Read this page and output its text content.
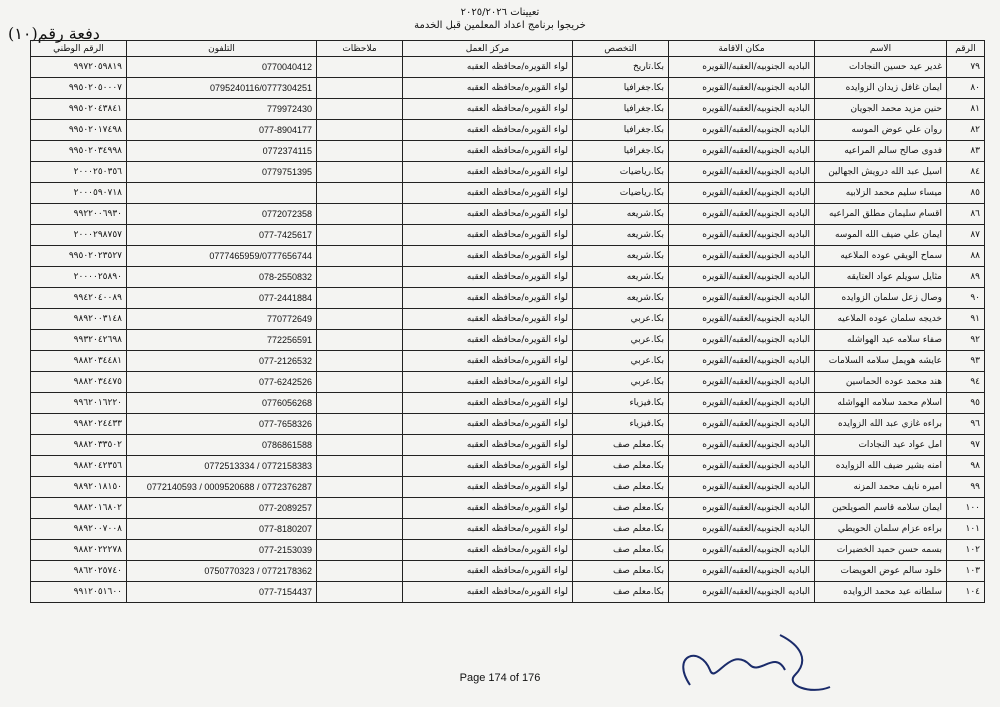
تعيينات ٢٠٢٥/٢٠٢٦
خريجوا برنامج اعداد المعلمين قبل الخدمة
دفعة رقم(١٠)
الرقم	الاسم	مكان الاقامة	التخصص	مركز العمل	ملاحظات	التلفون	الرقم الوطني
٧٩	غدير عيد حسين النجادات	الباديه الجنوبيه/العقبه/القويره	بكا.تاريخ	لواء القويره/محافظه العقبه		0770040412	٩٩٧٢٠٥٩٨١٩
٨٠	ايمان غافل زيدان الزوايده	الباديه الجنوبيه/العقبه/القويره	بكا.جغرافيا	لواء القويره/محافظه العقبه		0795240116/0777304251	٩٩٥٠٢٠٥٠٠٠٧
٨١	حنين مزيد محمد الجويان	الباديه الجنوبيه/العقبه/القويره	بكا.جغرافيا	لواء القويره/محافظه العقبه		779972430	٩٩٥٠٢٠٤٣٨٤١
٨٢	روان علي عوض الموسه	الباديه الجنوبيه/العقبه/القويره	بكا.جغرافيا	لواء القويره/محافظه العقبه		077-8904177	٩٩٥٠٢٠١٧٤٩٨
٨٣	فدوى صالح سالم المراعيه	الباديه الجنوبيه/العقبه/القويره	بكا.جغرافيا	لواء القويره/محافظه العقبه		0772374115	٩٩٥٠٢٠٣٤٩٩٨
٨٤	اسيل عبد الله درويش الجهالين	الباديه الجنوبيه/العقبه/القويره	بكا.رياضيات	لواء القويره/محافظه العقبه		0779751395	٢٠٠٠٢٥٠٣٥٦
٨٥	ميساء سليم محمد الزلابيه	الباديه الجنوبيه/العقبه/القويره	بكا.رياضيات	لواء القويره/محافظه العقبه			٢٠٠٠٥٩٠٧١٨
٨٦	اقسام سليمان مطلق المراعيه	الباديه الجنوبيه/العقبه/القويره	بكا.شريعه	لواء القويره/محافظه العقبه		0772072358	٩٩٢٢٠٠٦٩٣٠
٨٧	ايمان علي ضيف الله الموسه	الباديه الجنوبيه/العقبه/القويره	بكا.شريعه	لواء القويره/محافظه العقبه		077-7425617	٢٠٠٠٢٩٨٧٥٧
٨٨	سماح الويقي عوده الملاعيه	الباديه الجنوبيه/العقبه/القويره	بكا.شريعه	لواء القويره/محافظه العقبه		0777465959/0777656744	٩٩٥٠٢٠٢٣٥٢٧
٨٩	مثايل سويلم عواد العتايقه	الباديه الجنوبيه/العقبه/القويره	بكا.شريعه	لواء القويره/محافظه العقبه		078-2550832	٢٠٠٠٠٢٥٨٩٠
٩٠	وصال زعل سلمان الزوايده	الباديه الجنوبيه/العقبه/القويره	بكا.شريعه	لواء القويره/محافظه العقبه		077-2441884	٩٩٤٢٠٤٠٠٨٩
٩١	خديجه سلمان عوده الملاعيه	الباديه الجنوبيه/العقبه/القويره	بكا.عربي	لواء القويره/محافظه العقبه		770772649	٩٨٩٢٠٠٣١٤٨
٩٢	صفاء سلامه عيد الهواشله	الباديه الجنوبيه/العقبه/القويره	بكا.عربي	لواء القويره/محافظه العقبه		772256591	٩٩٣٢٠٤٢٦٩٨
٩٣	عايشه هويمل سلامه السلامات	الباديه الجنوبيه/العقبه/القويره	بكا.عربي	لواء القويره/محافظه العقبه		077-2126532	٩٨٨٢٠٣٤٤٨١
٩٤	هند محمد عوده الحماسين	الباديه الجنوبيه/العقبه/القويره	بكا.عربي	لواء القويره/محافظه العقبه		077-6242526	٩٨٨٢٠٣٤٤٧٥
٩٥	اسلام محمد سلامه الهواشله	الباديه الجنوبيه/العقبه/القويره	بكا.فيزياء	لواء القويره/محافظه العقبه		0776056268	٩٩٦٢٠١٦٢٢٠
٩٦	براءه غازي عبد الله الزوايده	الباديه الجنوبيه/العقبه/القويره	بكا.فيزياء	لواء القويره/محافظه العقبه		077-7658326	٩٩٨٢٠٢٤٤٣٣
٩٧	امل عواد عيد النجادات	الباديه الجنوبيه/العقبه/القويره	بكا.معلم صف	لواء القويره/محافظه العقبه		0786861588	٩٨٨٢٠٣٣٥٠٢
٩٨	امنه بشير ضيف الله الزوايده	الباديه الجنوبيه/العقبه/القويره	بكا.معلم صف	لواء القويره/محافظه العقبه		0772513334 / 0772158383	٩٨٨٢٠٤٢٣٥٦
٩٩	اميره نايف محمد المزنه	الباديه الجنوبيه/العقبه/القويره	بكا.معلم صف	لواء القويره/محافظه العقبه		0772140593 / 0009520688 / 0772376287	٩٨٩٢٠١٨١٥٠
١٠٠	ايمان سلامه قاسم الصويلحين	الباديه الجنوبيه/العقبه/القويره	بكا.معلم صف	لواء القويره/محافظه العقبه		077-2089257	٩٨٨٢٠١٦٨٠٢
١٠١	براءه عزام سلمان الحويطي	الباديه الجنوبيه/العقبه/القويره	بكا.معلم صف	لواء القويره/محافظه العقبه		077-8180207	٩٨٩٢٠٠٧٠٠٨
١٠٢	بسمه حسن حميد الخضيرات	الباديه الجنوبيه/العقبه/القويره	بكا.معلم صف	لواء القويره/محافظه العقبه		077-2153039	٩٨٨٢٠٢٢٢٧٨
١٠٣	خلود سالم عوض العويضات	الباديه الجنوبيه/العقبه/القويره	بكا.معلم صف	لواء القويره/محافظه العقبه		0750770323 / 0772178362	٩٨٦٢٠٢٥٧٤٠
١٠٤	سلطانه عيد محمد الزوايده	الباديه الجنوبيه/العقبه/القويره	بكا.معلم صف	لواء القويره/محافظه العقبه		077-7154437	٩٩١٢٠٥١٦٠٠
Page 174 of 176
